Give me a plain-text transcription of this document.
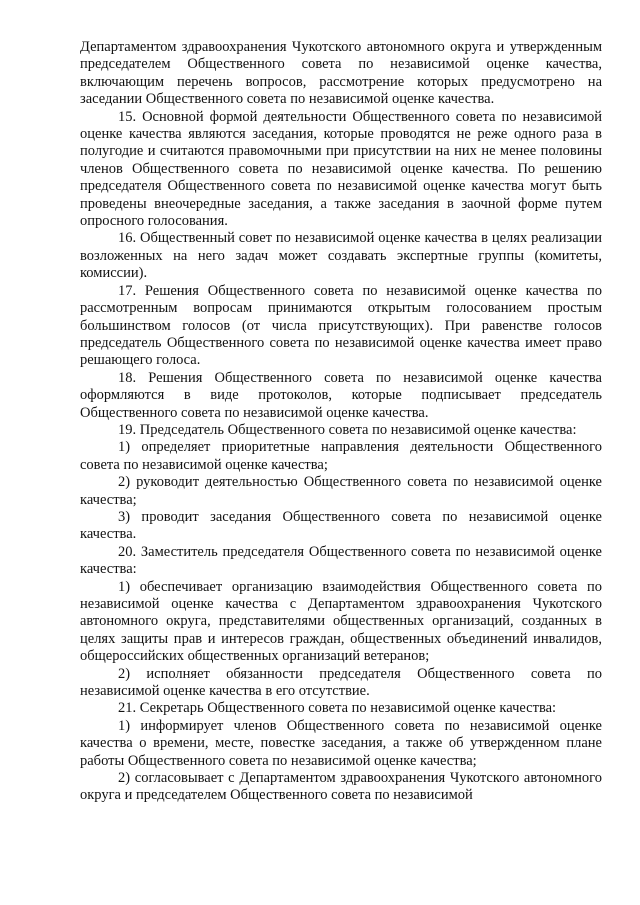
Департаментом здравоохранения Чукотского автономного округа и утвержденным председателем Общественного совета по независимой оценке качества, включающим перечень вопросов, рассмотрение которых предусмотрено на заседании Общественного совета по независимой оценке качества.

15. Основной формой деятельности Общественного совета по независимой оценке качества являются заседания, которые проводятся не реже одного раза в полугодие и считаются правомочными при присутствии на них не менее половины членов Общественного совета по независимой оценке качества. По решению председателя Общественного совета по независимой оценке качества могут быть проведены внеочередные заседания, а также заседания в заочной форме путем опросного голосования.

16. Общественный совет по независимой оценке качества в целях реализации возложенных на него задач может создавать экспертные группы (комитеты, комиссии).

17. Решения Общественного совета по независимой оценке качества по рассмотренным вопросам принимаются открытым голосованием простым большинством голосов (от числа присутствующих). При равенстве голосов председатель Общественного совета по независимой оценке качества имеет право решающего голоса.

18. Решения Общественного совета по независимой оценке качества оформляются в виде протоколов, которые подписывает председатель Общественного совета по независимой оценке качества.

19. Председатель Общественного совета по независимой оценке качества:

1) определяет приоритетные направления деятельности Общественного совета по независимой оценке качества;

2) руководит деятельностью Общественного совета по независимой оценке качества;

3) проводит заседания Общественного совета по независимой оценке качества.

20. Заместитель председателя Общественного совета по независимой оценке качества:

1) обеспечивает организацию взаимодействия Общественного совета по независимой оценке качества с Департаментом здравоохранения Чукотского автономного округа, представителями общественных организаций, созданных в целях защиты прав и интересов граждан, общественных объединений инвалидов, общероссийских общественных организаций ветеранов;

2) исполняет обязанности председателя Общественного совета по независимой оценке качества в его отсутствие.

21. Секретарь Общественного совета по независимой оценке качества:

1) информирует членов Общественного совета по независимой оценке качества о времени, месте, повестке заседания, а также об утвержденном плане работы Общественного совета по независимой оценке качества;

2) согласовывает с Департаментом здравоохранения Чукотского автономного округа и председателем Общественного совета по независимой
